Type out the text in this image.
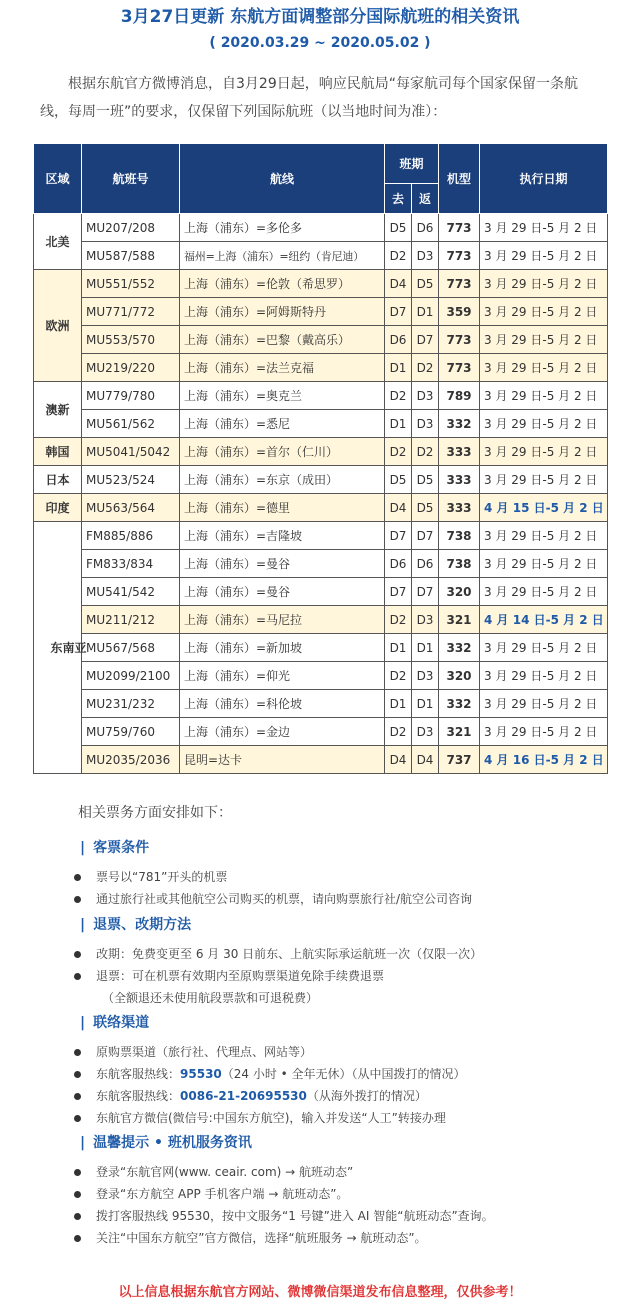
3月27日更新 东航方面调整部分国际航班的相关资讯
( 2020.03.29 ~ 2020.05.02 )

根据东航官方微博消息，自3月29日起，响应民航局“每家航司每个国家保留一条航线，每周一班”的要求，仅保留下列国际航班（以当地时间为准）：

区域	航班号	航线	班期		机型	执行日期
			去	返		
北美	MU207/208	上海（浦东）=多伦多	D5	D6	773	3 月 29 日-5 月 2 日
	MU587/588	福州=上海（浦东）=纽约（肯尼迪）	D2	D3	773	3 月 29 日-5 月 2 日
欧洲	MU551/552	上海（浦东）=伦敦（希思罗）	D4	D5	773	3 月 29 日-5 月 2 日
	MU771/772	上海（浦东）=阿姆斯特丹	D7	D1	359	3 月 29 日-5 月 2 日
	MU553/570	上海（浦东）=巴黎（戴高乐）	D6	D7	773	3 月 29 日-5 月 2 日
	MU219/220	上海（浦东）=法兰克福	D1	D2	773	3 月 29 日-5 月 2 日
澳新	MU779/780	上海（浦东）=奥克兰	D2	D3	789	3 月 29 日-5 月 2 日
	MU561/562	上海（浦东）=悉尼	D1	D3	332	3 月 29 日-5 月 2 日
韩国	MU5041/5042	上海（浦东）=首尔（仁川）	D2	D2	333	3 月 29 日-5 月 2 日
日本	MU523/524	上海（浦东）=东京（成田）	D5	D5	333	3 月 29 日-5 月 2 日
印度	MU563/564	上海（浦东）=德里	D4	D5	333	4 月 15 日-5 月 2 日
东南亚	FM885/886	上海（浦东）=吉隆坡	D7	D7	738	3 月 29 日-5 月 2 日
	FM833/834	上海（浦东）=曼谷	D6	D6	738	3 月 29 日-5 月 2 日
	MU541/542	上海（浦东）=曼谷	D7	D7	320	3 月 29 日-5 月 2 日
	MU211/212	上海（浦东）=马尼拉	D2	D3	321	4 月 14 日-5 月 2 日
	MU567/568	上海（浦东）=新加坡	D1	D1	332	3 月 29 日-5 月 2 日
	MU2099/2100	上海（浦东）=仰光	D2	D3	320	3 月 29 日-5 月 2 日
	MU231/232	上海（浦东）=科伦坡	D1	D1	332	3 月 29 日-5 月 2 日
	MU759/760	上海（浦东）=金边	D2	D3	321	3 月 29 日-5 月 2 日
	MU2035/2036	昆明=达卡	D4	D4	737	4 月 16 日-5 月 2 日
相关票务方面安排如下：
| 客票条件
票号以“781”开头的机票
通过旅行社或其他航空公司购买的机票，请向购票旅行社/航空公司咨询
| 退票、改期方法
改期：免费变更至 6 月 30 日前东、上航实际承运航班一次（仅限一次）
退票：可在机票有效期内至原购票渠道免除手续费退票
（全额退还未使用航段票款和可退税费）
| 联络渠道
原购票渠道（旅行社、代理点、网站等）
东航客服热线：95530（24 小时 • 全年无休）（从中国拨打的情况）
东航客服热线：0086-21-20695530（从海外拨打的情况）
东航官方微信(微信号:中国东方航空)，输入并发送“人工”转接办理
| 温馨提示 • 班机服务资讯
登录“东航官网(www. ceair. com) → 航班动态”
登录“东方航空 APP 手机客户端 → 航班动态”。
拨打客服热线 95530，按中文服务“1 号键”进入 AI 智能“航班动态”查询。
关注“中国东方航空”官方微信，选择“航班服务 → 航班动态”。
以上信息根据东航官方网站、微博微信渠道发布信息整理，仅供参考！
